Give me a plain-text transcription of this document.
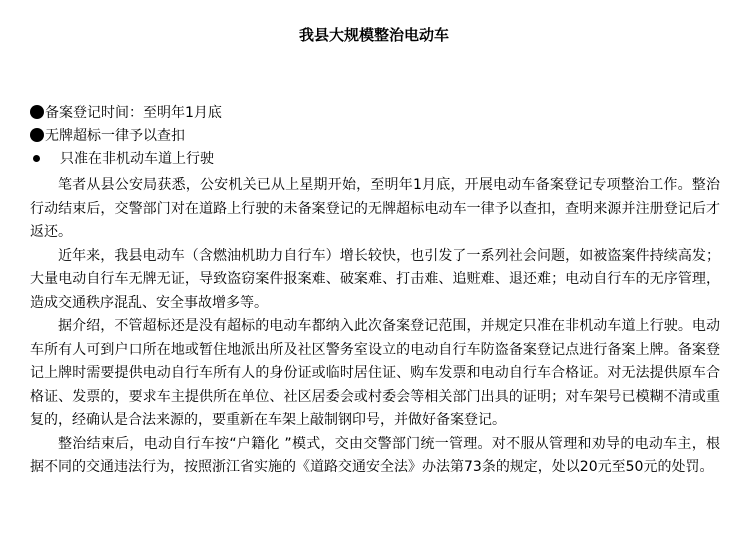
我县大规模整治电动车
备案登记时间：至明年1月底
无牌超标一律予以查扣
只准在非机动车道上行驶

笔者从县公安局获悉，公安机关已从上星期开始，至明年1月底，开展电动车备案登记专项整治工作。整治行动结束后，交警部门对在道路上行驶的未备案登记的无牌超标电动车一律予以查扣，查明来源并注册登记后才返还。

近年来，我县电动车（含燃油机助力自行车）增长较快，也引发了一系列社会问题，如被盗案件持续高发；大量电动自行车无牌无证，导致盗窃案件报案难、破案难、打击难、追赃难、退还难；电动自行车的无序管理，造成交通秩序混乱、安全事故增多等。

据介绍，不管超标还是没有超标的电动车都纳入此次备案登记范围，并规定只准在非机动车道上行驶。电动车所有人可到户口所在地或暂住地派出所及社区警务室设立的电动自行车防盗备案登记点进行备案上牌。备案登记上牌时需要提供电动自行车所有人的身份证或临时居住证、购车发票和电动自行车合格证。对无法提供原车合格证、发票的，要求车主提供所在单位、社区居委会或村委会等相关部门出具的证明；对车架号已模糊不清或重复的，经确认是合法来源的，要重新在车架上敲制钢印号，并做好备案登记。

整治结束后，电动自行车按“户籍化 ”模式，交由交警部门统一管理。对不服从管理和劝导的电动车主，根据不同的交通违法行为，按照浙江省实施的《道路交通安全法》办法第73条的规定，处以20元至50元的处罚。
